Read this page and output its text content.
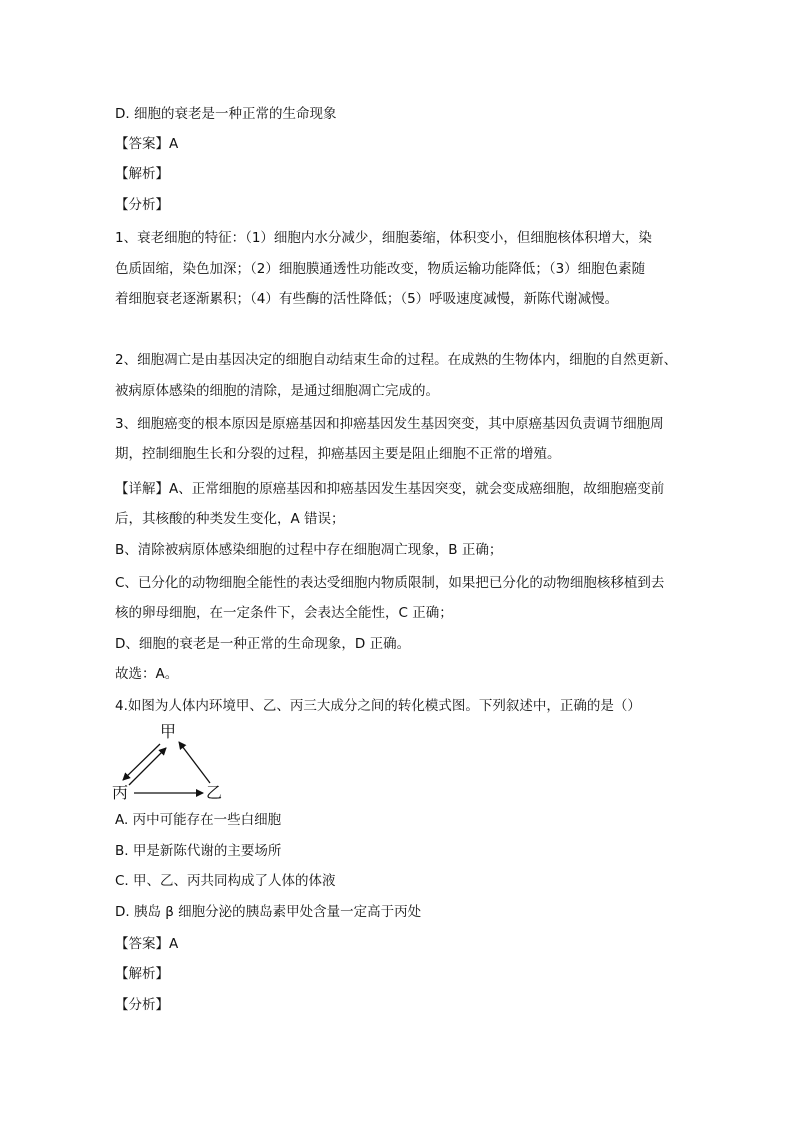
D. 细胞的衰老是一种正常的生命现象
【答案】A
【解析】
【分析】
1、衰老细胞的特征：（1）细胞内水分减少，细胞萎缩，体积变小，但细胞核体积增大，染
色质固缩，染色加深；（2）细胞膜通透性功能改变，物质运输功能降低；（3）细胞色素随
着细胞衰老逐渐累积；（4）有些酶的活性降低；（5）呼吸速度减慢，新陈代谢减慢。
2、细胞凋亡是由基因决定的细胞自动结束生命的过程。在成熟的生物体内，细胞的自然更新、
被病原体感染的细胞的清除，是通过细胞凋亡完成的。
3、细胞癌变的根本原因是原癌基因和抑癌基因发生基因突变，其中原癌基因负责调节细胞周
期，控制细胞生长和分裂的过程，抑癌基因主要是阻止细胞不正常的增殖。
【详解】A、正常细胞的原癌基因和抑癌基因发生基因突变，就会变成癌细胞，故细胞癌变前
后，其核酸的种类发生变化，A 错误；
B、清除被病原体感染细胞的过程中存在细胞凋亡现象，B 正确；
C、已分化的动物细胞全能性的表达受细胞内物质限制，如果把已分化的动物细胞核移植到去
核的卵母细胞，在一定条件下，会表达全能性，C 正确；
D、细胞的衰老是一种正常的生命现象，D 正确。
故选：A。
4.如图为人体内环境甲、乙、丙三大成分之间的转化模式图。下列叙述中，正确的是（）
甲
丙	乙
A. 丙中可能存在一些白细胞
B. 甲是新陈代谢的主要场所
C. 甲、乙、丙共同构成了人体的体液
D. 胰岛 β 细胞分泌的胰岛素甲处含量一定高于丙处
【答案】A
【解析】
【分析】
